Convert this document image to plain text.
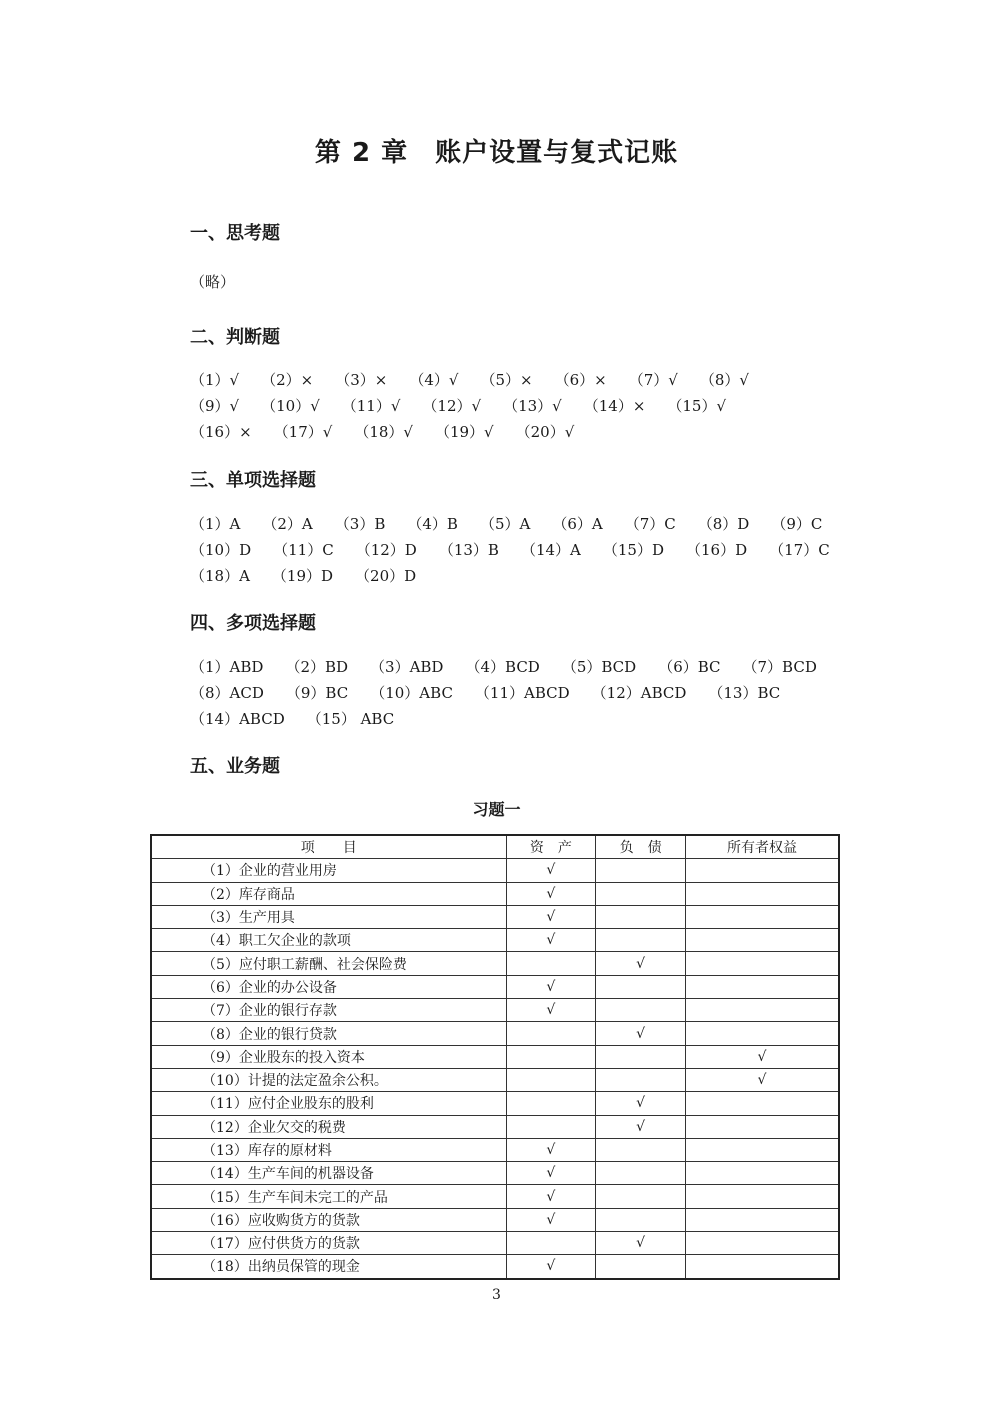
第 2 章　账户设置与复式记账
一、思考题
（略）
二、判断题
（1）√ （2）× （3）× （4）√ （5）× （6）× （7）√ （8）√
（9）√ （10）√ （11）√ （12）√ （13）√ （14）× （15）√
（16）× （17）√ （18）√ （19）√ （20）√
三、单项选择题
（1）A （2）A （3）B （4）B （5）A （6）A （7）C （8）D （9）C
（10）D （11）C （12）D （13）B （14）A （15）D （16）D （17）C
（18）A （19）D （20）D
四、多项选择题
（1）ABD （2）BD （3）ABD （4）BCD （5）BCD （6）BC （7）BCD
（8）ACD （9）BC （10）ABC （11）ABCD （12）ABCD （13）BC
（14）ABCD （15） ABC
五、业务题
习题一
项　　目	资　产	负　债	所有者权益
（1）企业的营业用房	√		
（2）库存商品	√		
（3）生产用具	√		
（4）职工欠企业的款项	√		
（5）应付职工薪酬、社会保险费		√	
（6）企业的办公设备	√		
（7）企业的银行存款	√		
（8）企业的银行贷款		√	
（9）企业股东的投入资本			√
（10）计提的法定盈余公积。			√
（11）应付企业股东的股利		√	
（12）企业欠交的税费		√	
（13）库存的原材料	√		
（14）生产车间的机器设备	√		
（15）生产车间未完工的产品	√		
（16）应收购货方的货款	√		
（17）应付供货方的货款		√	
（18）出纳员保管的现金	√		
3
